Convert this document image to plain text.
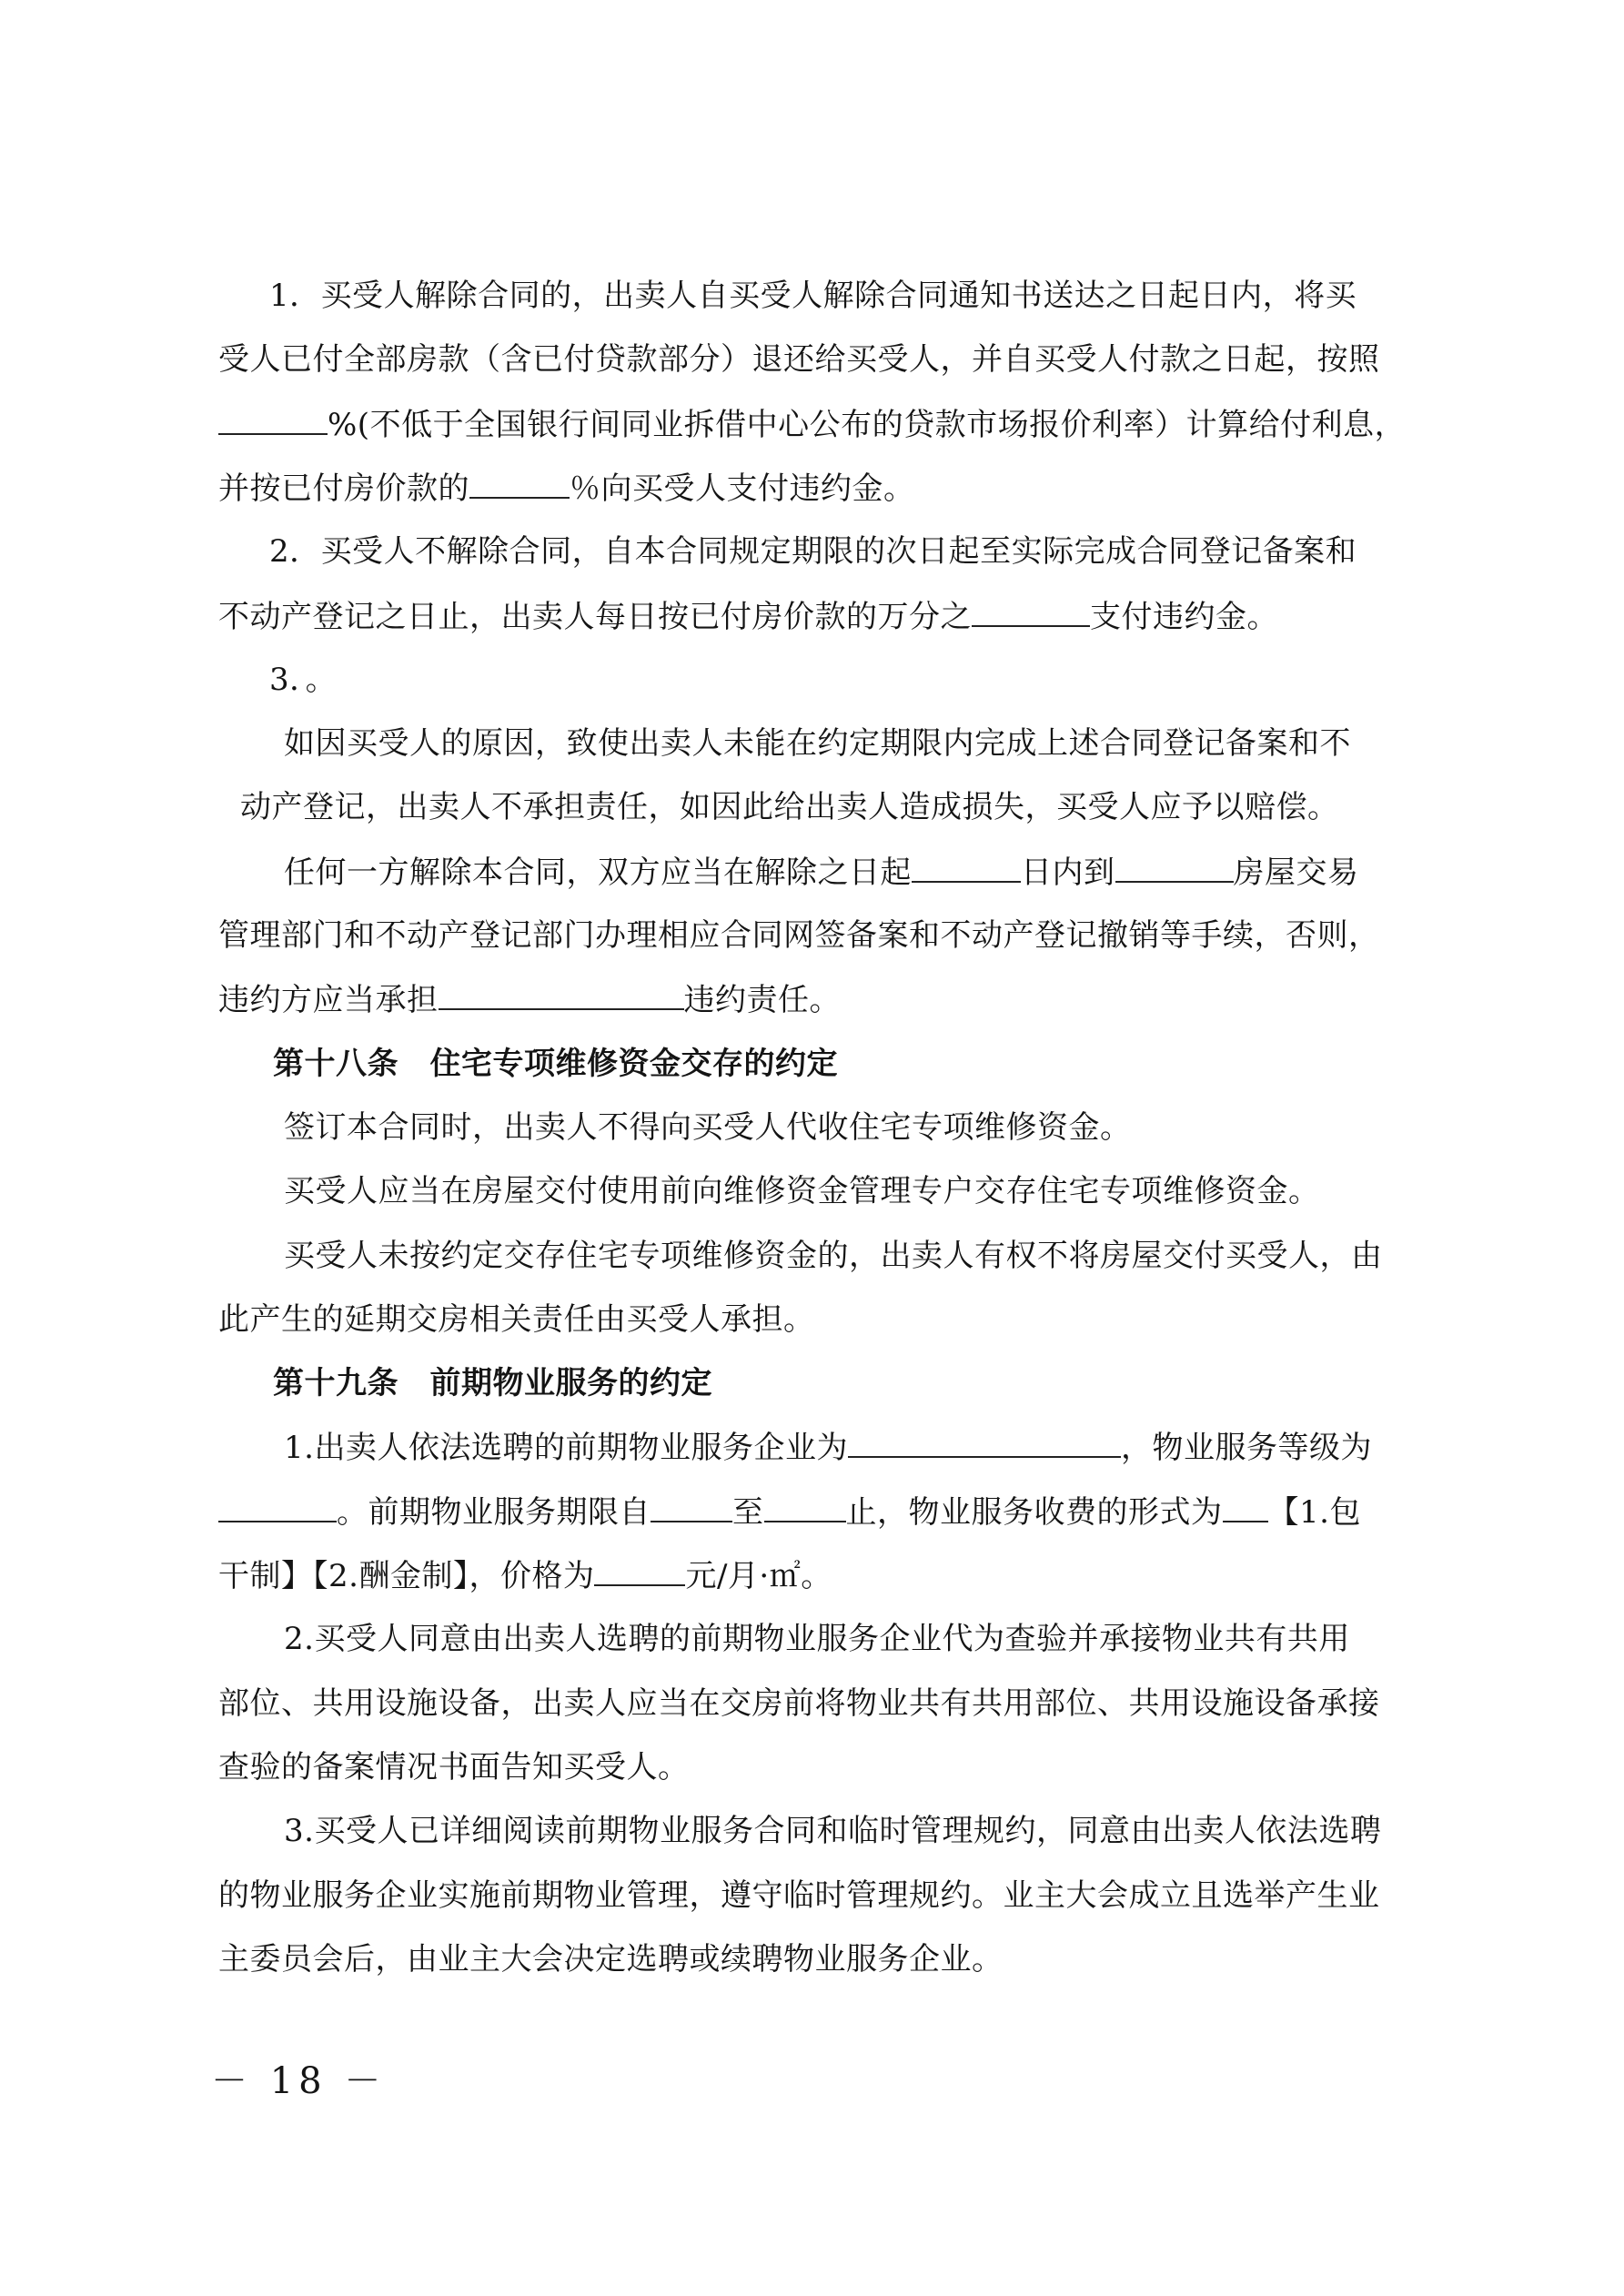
1．买受人解除合同的，出卖人自买受人解除合同通知书送达之日起日内，将买
受人已付全部房款（含已付贷款部分）退还给买受人，并自买受人付款之日起，按照
%(不低于全国银行间同业拆借中心公布的贷款市场报价利率）计算给付利息，
并按已付房价款的	％向买受人支付违约金。
2．买受人不解除合同，自本合同规定期限的次日起至实际完成合同登记备案和
不动产登记之日止，出卖人每日按已付房价款的万分之	支付违约金。
3．。
如因买受人的原因，致使出卖人未能在约定期限内完成上述合同登记备案和不
动产登记，出卖人不承担责任，如因此给出卖人造成损失，买受人应予以赔偿。
任何一方解除本合同，双方应当在解除之日起	日内到	房屋交易
管理部门和不动产登记部门办理相应合同网签备案和不动产登记撤销等手续，否则，
违约方应当承担	违约责任。
第十八条　住宅专项维修资金交存的约定
签订本合同时，出卖人不得向买受人代收住宅专项维修资金。
买受人应当在房屋交付使用前向维修资金管理专户交存住宅专项维修资金。
买受人未按约定交存住宅专项维修资金的，出卖人有权不将房屋交付买受人，由
此产生的延期交房相关责任由买受人承担。
第十九条　前期物业服务的约定
1.出卖人依法选聘的前期物业服务企业为	，物业服务等级为
。前期物业服务期限自	至	止，物业服务收费的形式为 【1.包
干制】【2.酬金制】，价格为	元/月·㎡。
2.买受人同意由出卖人选聘的前期物业服务企业代为查验并承接物业共有共用
部位、共用设施设备，出卖人应当在交房前将物业共有共用部位、共用设施设备承接
－ 18 －
查验的备案情况书面告知买受人。
3.买受人已详细阅读前期物业服务合同和临时管理规约，同意由出卖人依法选聘
的物业服务企业实施前期物业管理，遵守临时管理规约。业主大会成立且选举产生业
主委员会后，由业主大会决定选聘或续聘物业服务企业。
